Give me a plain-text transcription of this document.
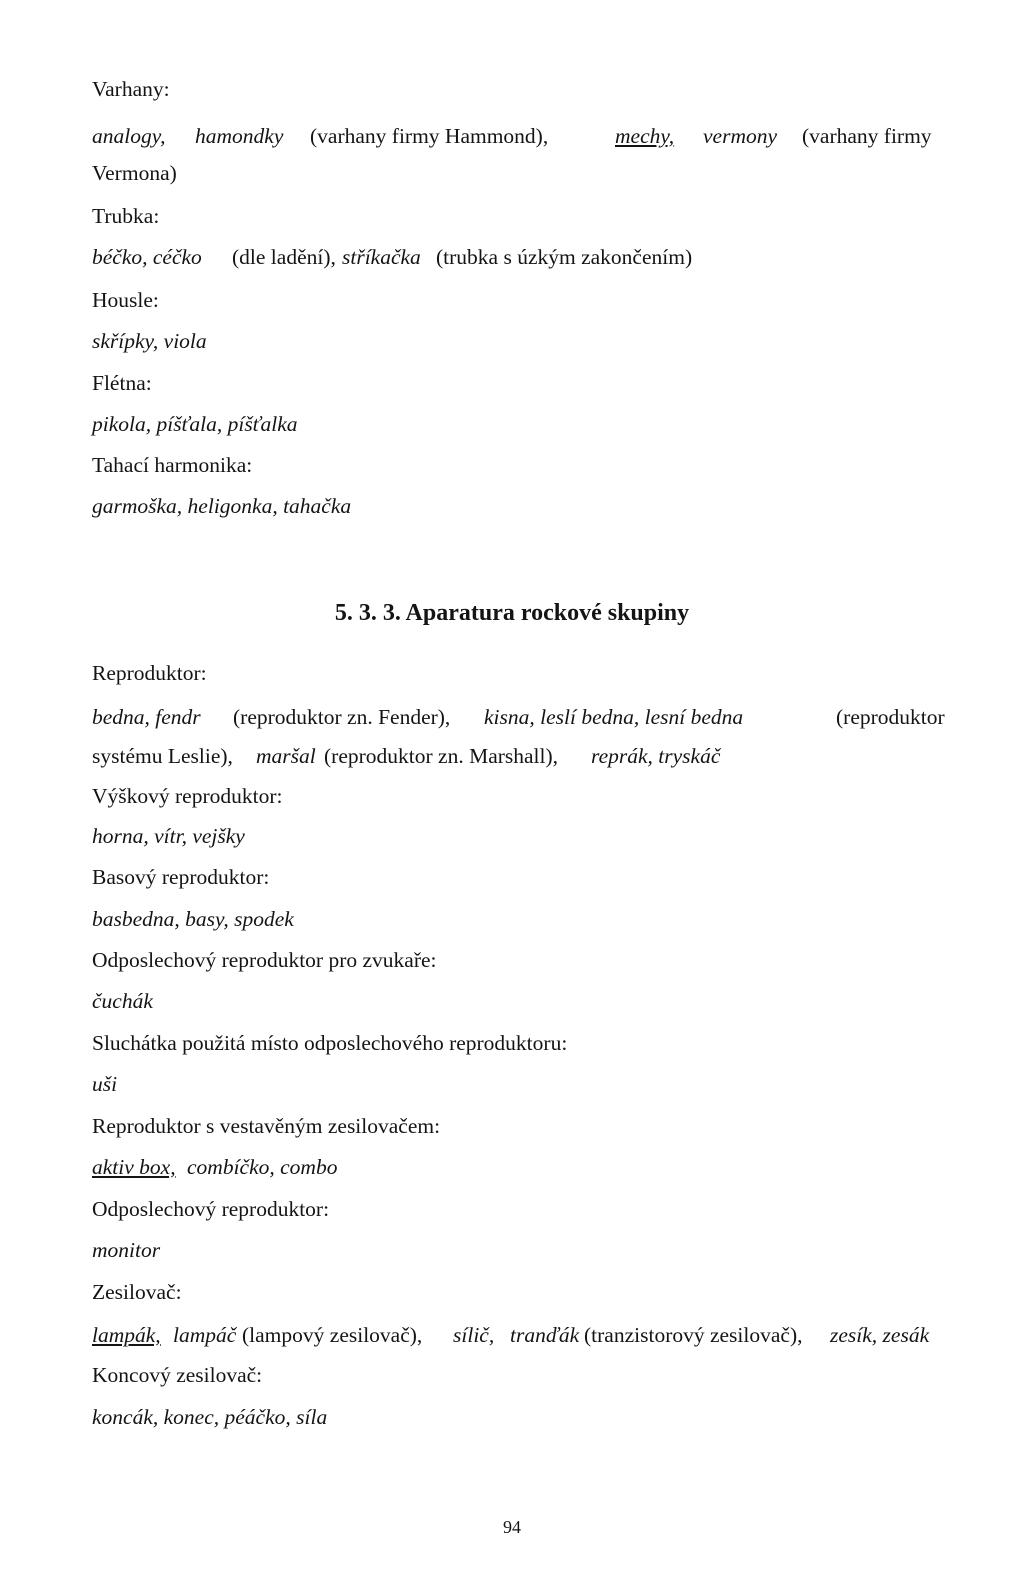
Varhany:
analogy, hamondky (varhany firmy Hammond),	mechy, vermony (varhany firmy
Vermona)
Trubka:
béčko, céčko (dle ladění), stříkačka (trubka s úzkým zakončením)
Housle:
skřípky, viola
Flétna:
pikola, píšťala, píšťalka
Tahací harmonika:
garmoška, heligonka, tahačka
5. 3. 3. Aparatura rockové skupiny
Reproduktor:
bedna, fendr (reproduktor zn. Fender), kisna, leslí bedna, lesní bedna	(reproduktor
systému Leslie), maršal (reproduktor zn. Marshall), reprák, tryskáč
Výškový reproduktor:
horna, vítr, vejšky
Basový reproduktor:
basbedna, basy, spodek
Odposlechový reproduktor pro zvukaře:
čuchák
Sluchátka použitá místo odposlechového reproduktoru:
uši
Reproduktor s vestavěným zesilovačem:
aktiv box, combíčko, combo
Odposlechový reproduktor:
monitor
Zesilovač:
lampák, lampáč (lampový zesilovač), sílič, tranďák (tranzistorový zesilovač), zesík, zesák
Koncový zesilovač:
koncák, konec, péáčko, síla
94
